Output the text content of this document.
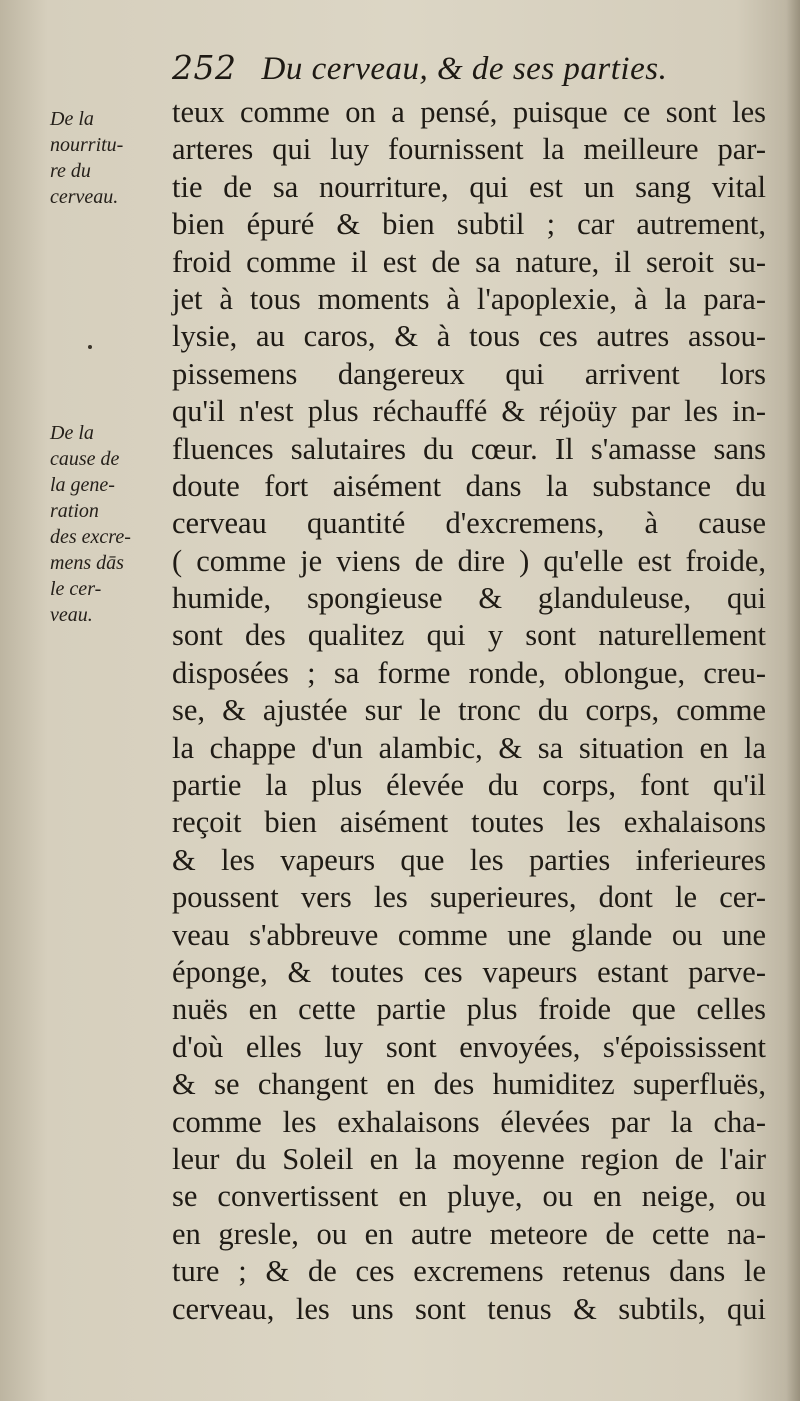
252 Du cerveau, & de ses parties.
De la
nourritu-
re du
cerveau.
De la
cause de
la gene-
ration
des excre-
mens dās
le cer-
veau.
teux comme on a pensé, puisque ce sont les
arteres qui luy fournissent la meilleure par-
tie de sa nourriture, qui est un sang vital
bien épuré & bien subtil ; car autrement,
froid comme il est de sa nature, il seroit su-
jet à tous moments à l'apoplexie, à la para-
lysie, au caros, & à tous ces autres assou-
pissemens dangereux qui arrivent lors
qu'il n'est plus réchauffé & réjoüy par les in-
fluences salutaires du cœur. Il s'amasse sans
doute fort aisément dans la substance du
cerveau quantité d'excremens, à cause
( comme je viens de dire ) qu'elle est froide,
humide, spongieuse & glanduleuse, qui
sont des qualitez qui y sont naturellement
disposées ; sa forme ronde, oblongue, creu-
se, & ajustée sur le tronc du corps, comme
la chappe d'un alambic, & sa situation en la
partie la plus élevée du corps, font qu'il
reçoit bien aisément toutes les exhalaisons
& les vapeurs que les parties inferieures
poussent vers les superieures, dont le cer-
veau s'abbreuve comme une glande ou une
éponge, & toutes ces vapeurs estant parve-
nuës en cette partie plus froide que celles
d'où elles luy sont envoyées, s'époississent
& se changent en des humiditez superfluës,
comme les exhalaisons élevées par la cha-
leur du Soleil en la moyenne region de l'air
se convertissent en pluye, ou en neige, ou
en gresle, ou en autre meteore de cette na-
ture ; & de ces excremens retenus dans le
cerveau, les uns sont tenus & subtils, qui
